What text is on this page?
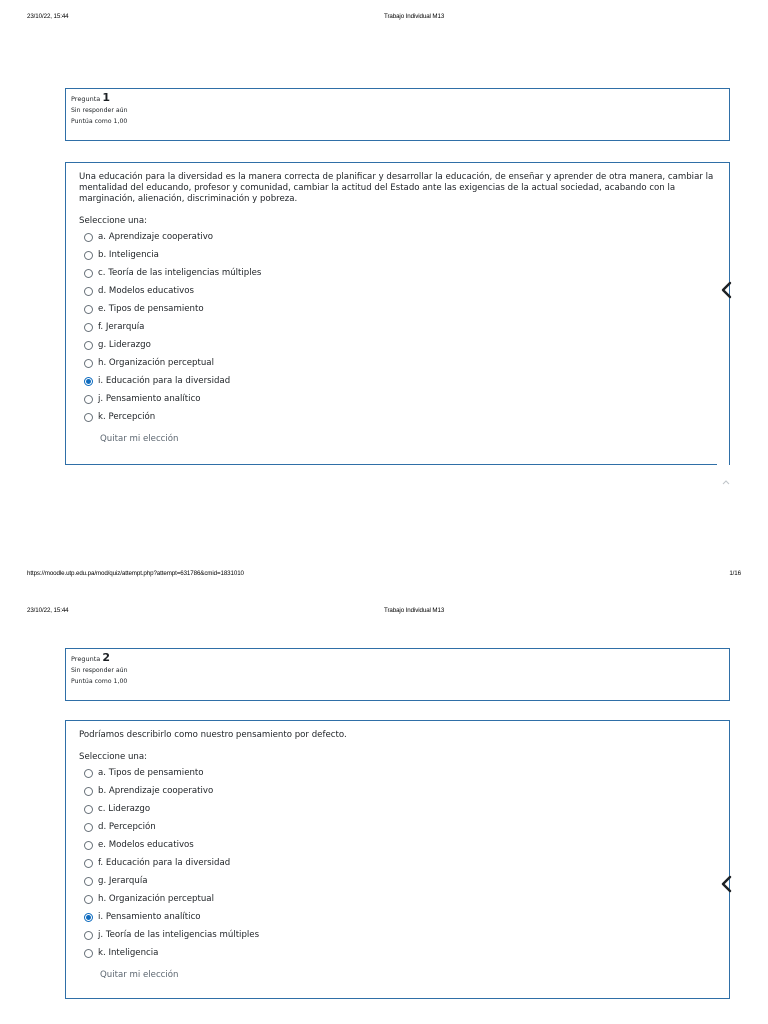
23/10/22, 15:44	Trabajo Individual M13
Pregunta 1
Sin responder aún
Puntúa como 1,00
Una educación para la diversidad es la manera correcta de planificar y desarrollar la educación, de enseñar y aprender de otra manera, cambiar la mentalidad del educando, profesor y comunidad, cambiar la actitud del Estado ante las exigencias de la actual sociedad, acabando con la marginación, alienación, discriminación y pobreza.
Seleccione una:
a. Aprendizaje cooperativo
b. Inteligencia
c. Teoría de las inteligencias múltiples
d. Modelos educativos
e. Tipos de pensamiento
f. Jerarquía
g. Liderazgo
h. Organización perceptual
i. Educación para la diversidad
j. Pensamiento analítico
k. Percepción
Quitar mi elección
https://moodle.utp.edu.pa/mod/quiz/attempt.php?attempt=631786&cmid=1831010	1/16
23/10/22, 15:44	Trabajo Individual M13
Pregunta 2
Sin responder aún
Puntúa como 1,00
Podríamos describirlo como nuestro pensamiento por defecto.
Seleccione una:
a. Tipos de pensamiento
b. Aprendizaje cooperativo
c. Liderazgo
d. Percepción
e. Modelos educativos
f. Educación para la diversidad
g. Jerarquía
h. Organización perceptual
i. Pensamiento analítico
j. Teoría de las inteligencias múltiples
k. Inteligencia
Quitar mi elección
